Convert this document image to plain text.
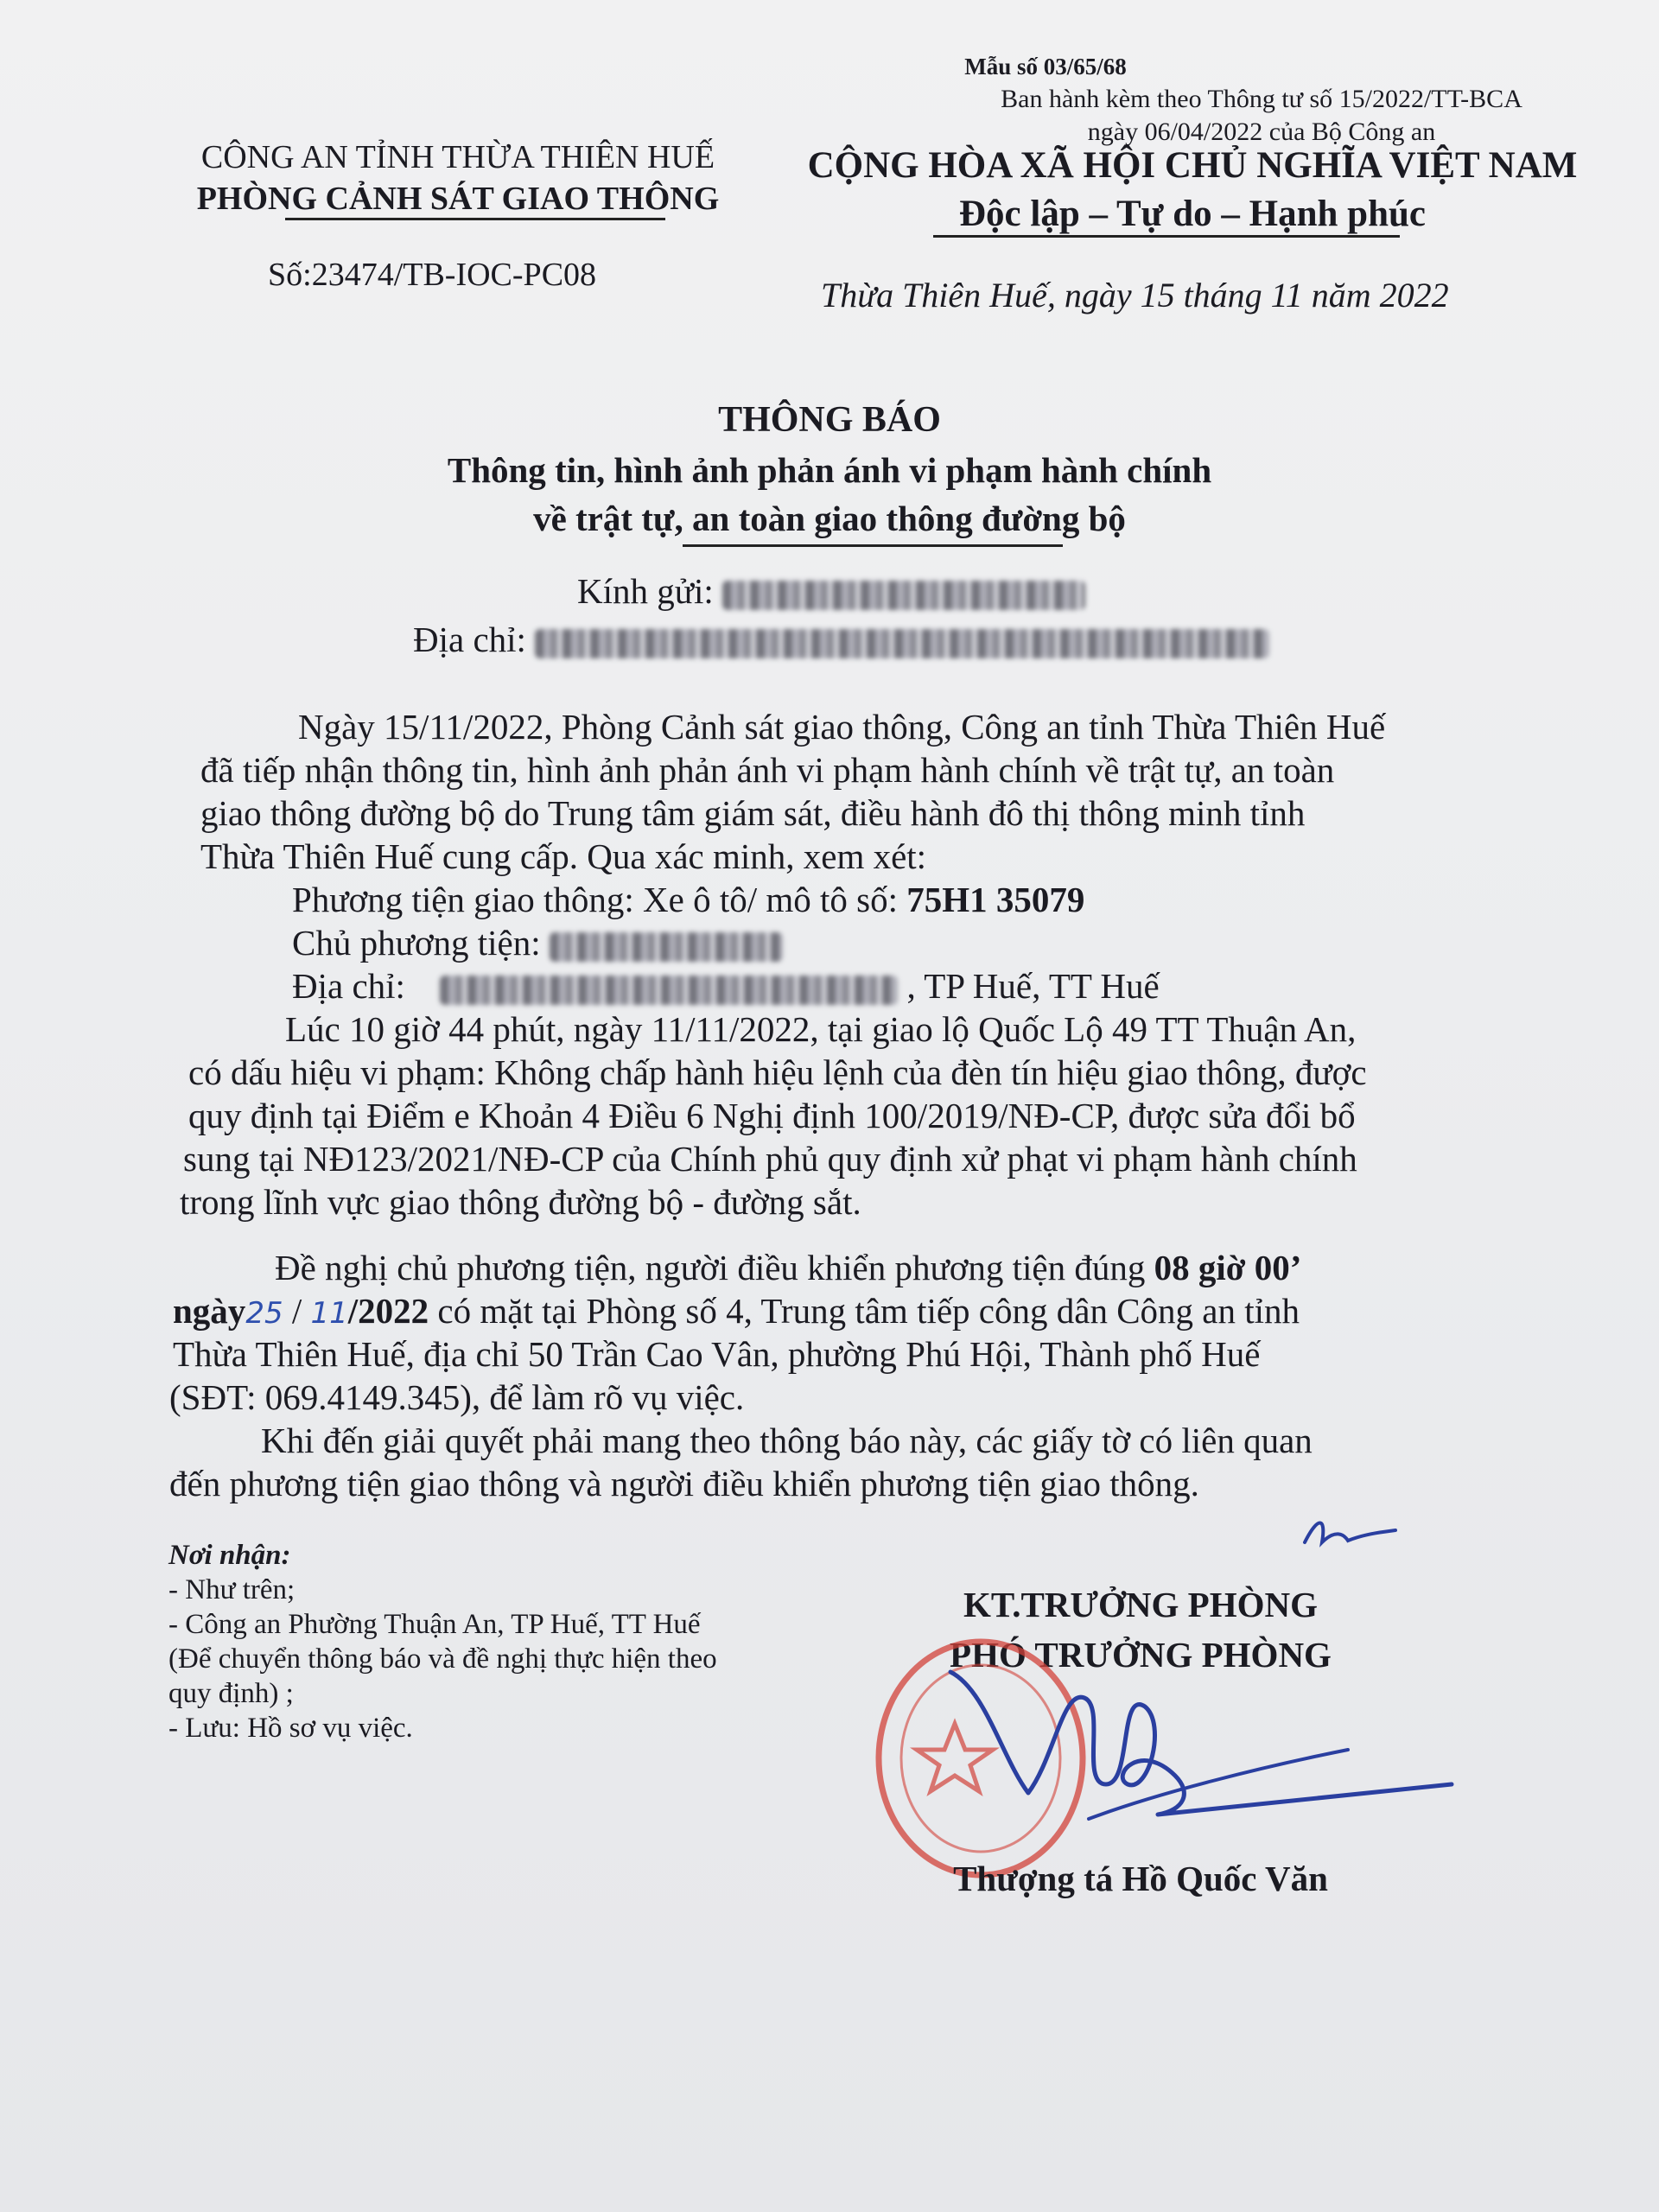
Mẫu số 03/65/68
Ban hành kèm theo Thông tư số 15/2022/TT-BCA
ngày 06/04/2022 của Bộ Công an
CÔNG AN TỈNH THỪA THIÊN HUẾ
PHÒNG CẢNH SÁT GIAO THÔNG
Số:23474/TB-IOC-PC08
CỘNG HÒA XÃ HỘI CHỦ NGHĨA VIỆT NAM
Độc lập – Tự do – Hạnh phúc
Thừa Thiên Huế, ngày 15 tháng 11 năm 2022
THÔNG BÁO
Thông tin, hình ảnh phản ánh vi phạm hành chính
về trật tự, an toàn giao thông đường bộ
Kính gửi:
Địa chỉ:
Ngày 15/11/2022, Phòng Cảnh sát giao thông, Công an tỉnh Thừa Thiên Huế
đã tiếp nhận thông tin, hình ảnh phản ánh vi phạm hành chính về trật tự, an toàn
giao thông đường bộ do Trung tâm giám sát, điều hành đô thị thông minh tỉnh
Thừa Thiên Huế cung cấp. Qua xác minh, xem xét:
Phương tiện giao thông: Xe ô tô/ mô tô số: 75H1 35079
Chủ phương tiện:
Địa chỉ:	, TP Huế, TT Huế
Lúc 10 giờ 44 phút, ngày 11/11/2022, tại giao lộ Quốc Lộ 49 TT Thuận An,
có dấu hiệu vi phạm: Không chấp hành hiệu lệnh của đèn tín hiệu giao thông, được
quy định tại Điểm e Khoản 4 Điều 6 Nghị định 100/2019/NĐ-CP, được sửa đổi bổ
sung tại NĐ123/2021/NĐ-CP của Chính phủ quy định xử phạt vi phạm hành chính
trong lĩnh vực giao thông đường bộ - đường sắt.
Đề nghị chủ phương tiện, người điều khiển phương tiện đúng 08 giờ 00’
ngày25 / 11/2022 có mặt tại Phòng số 4, Trung tâm tiếp công dân Công an tỉnh
Thừa Thiên Huế, địa chỉ 50 Trần Cao Vân, phường Phú Hội, Thành phố Huế
(SĐT: 069.4149.345), để làm rõ vụ việc.
Khi đến giải quyết phải mang theo thông báo này, các giấy tờ có liên quan
đến phương tiện giao thông và người điều khiển phương tiện giao thông.
Nơi nhận:
- Như trên;
- Công an Phường Thuận An, TP Huế, TT Huế
(Để chuyển thông báo và đề nghị thực hiện theo
quy định) ;
- Lưu: Hồ sơ vụ việc.
KT.TRƯỞNG PHÒNG
PHÓ TRƯỞNG PHÒNG
Thượng tá Hồ Quốc Văn
